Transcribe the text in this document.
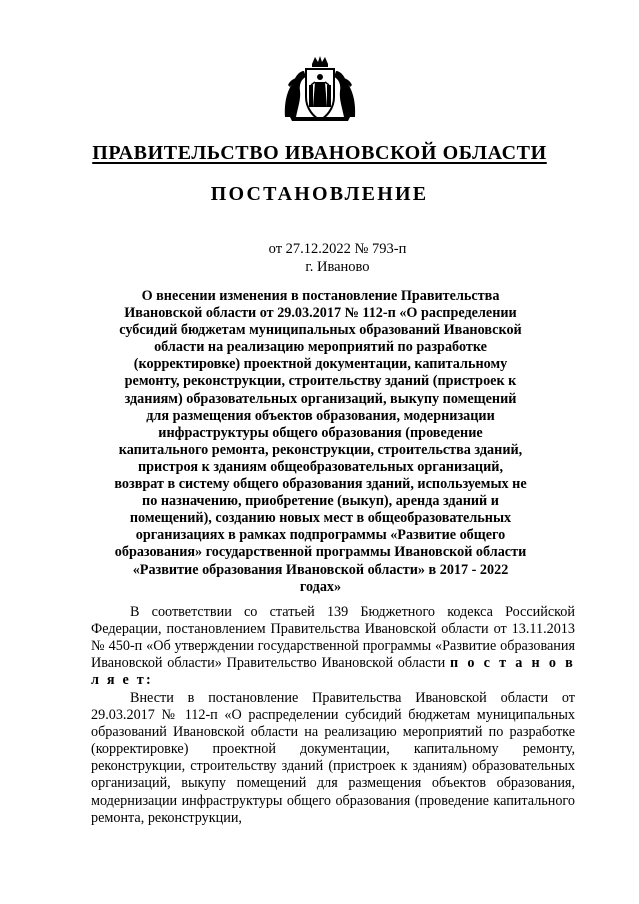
ПРАВИТЕЛЬСТВО ИВАНОВСКОЙ ОБЛАСТИ
ПОСТАНОВЛЕНИЕ
от 27.12.2022 № 793-п
г. Иваново
О внесении изменения в постановление Правительства Ивановской области от 29.03.2017 № 112-п «О распределении субсидий бюджетам муниципальных образований Ивановской области на реализацию мероприятий по разработке (корректировке) проектной документации, капитальному ремонту, реконструкции, строительству зданий (пристроек к зданиям) образовательных организаций, выкупу помещений для размещения объектов образования, модернизации инфраструктуры общего образования (проведение капитального ремонта, реконструкции, строительства зданий, пристроя к зданиям общеобразовательных организаций, возврат в систему общего образования зданий, используемых не по назначению, приобретение (выкуп), аренда зданий и помещений), созданию новых мест в общеобразовательных организациях в рамках подпрограммы «Развитие общего образования» государственной программы Ивановской области «Развитие образования Ивановской области» в 2017 - 2022 годах»
В соответствии со статьей 139 Бюджетного кодекса Российской Федерации, постановлением Правительства Ивановской области от 13.11.2013 № 450-п «Об утверждении государственной программы «Развитие образования Ивановской области» Правительство Ивановской области п о с т а н о в л я е т:
Внести в постановление Правительства Ивановской области от 29.03.2017 № 112-п «О распределении субсидий бюджетам муниципальных образований Ивановской области на реализацию мероприятий по разработке (корректировке) проектной документации, капитальному ремонту, реконструкции, строительству зданий (пристроек к зданиям) образовательных организаций, выкупу помещений для размещения объектов образования, модернизации инфраструктуры общего образования (проведение капитального ремонта, реконструкции,
